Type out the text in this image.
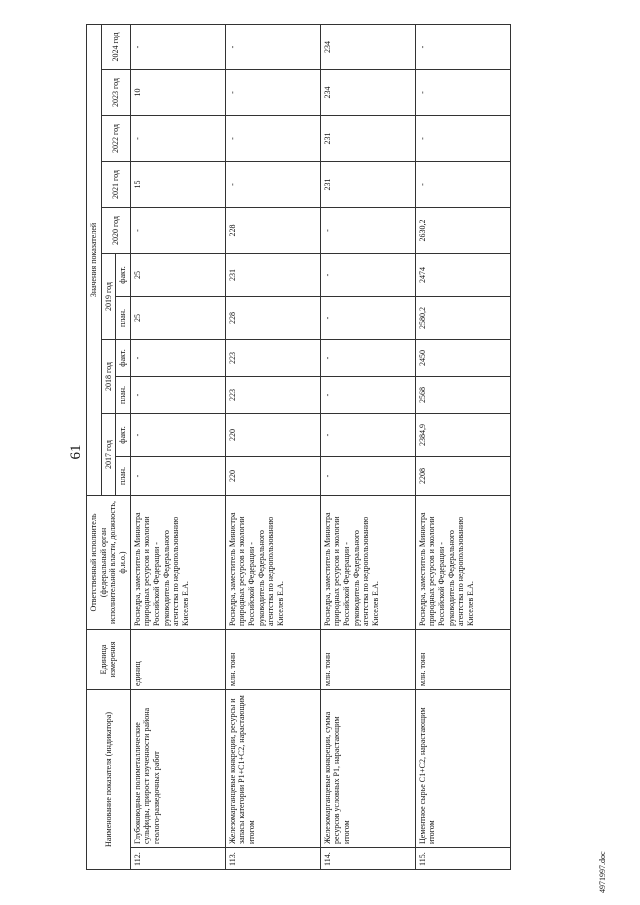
61
Наименование показателя (индикатора)		Единица измерения	Ответственный исполнитель (федеральный орган исполнительной власти, должность, ф.и.о.)	Значения показателей										
				2017 год		2018 год		2019 год		2020 год	2021 год	2022 год	2023 год	2024 год
				план.	факт.	план.	факт.	план.	факт.					
112.	Глубоководные полиметаллические сульфиды, прирост изученности района геолого-разведочных работ	единиц	Роснедра, заместитель Министра природных ресурсов и экологии Российской Федерации - руководитель Федерального агентства по недропользованию Киселев Е.А.	-	-	-	-	25	25	-	15	-	10	-
113.	Железомарганцевые конкреции, ресурсы и запасы категории Р1+С1+С2, нарастающим итогом	млн. тонн	Роснедра, заместитель Министра природных ресурсов и экологии Российской Федерации - руководитель Федерального агентства по недропользованию Киселев Е.А.	220	220	223	223	228	231	228	-	-	-	-
114.	Железомарганцевые конкреции, сумма ресурсов условных Р1, нарастающим итогом	млн. тонн	Роснедра, заместитель Министра природных ресурсов и экологии Российской Федерации - руководитель Федерального агентства по недропользованию Киселев Е.А.	-	-	-	-	-	-	-	231	231	234	234
115.	Цементное сырье С1+С2, нарастающим итогом	млн. тонн	Роснедра, заместитель Министра природных ресурсов и экологии Российской Федерации - руководитель Федерального агентства по недропользованию Киселев Е.А.	2208	2384,9	2568	2450	2580,2	2474	2630,2	-	-	-	-
4971997.doc
